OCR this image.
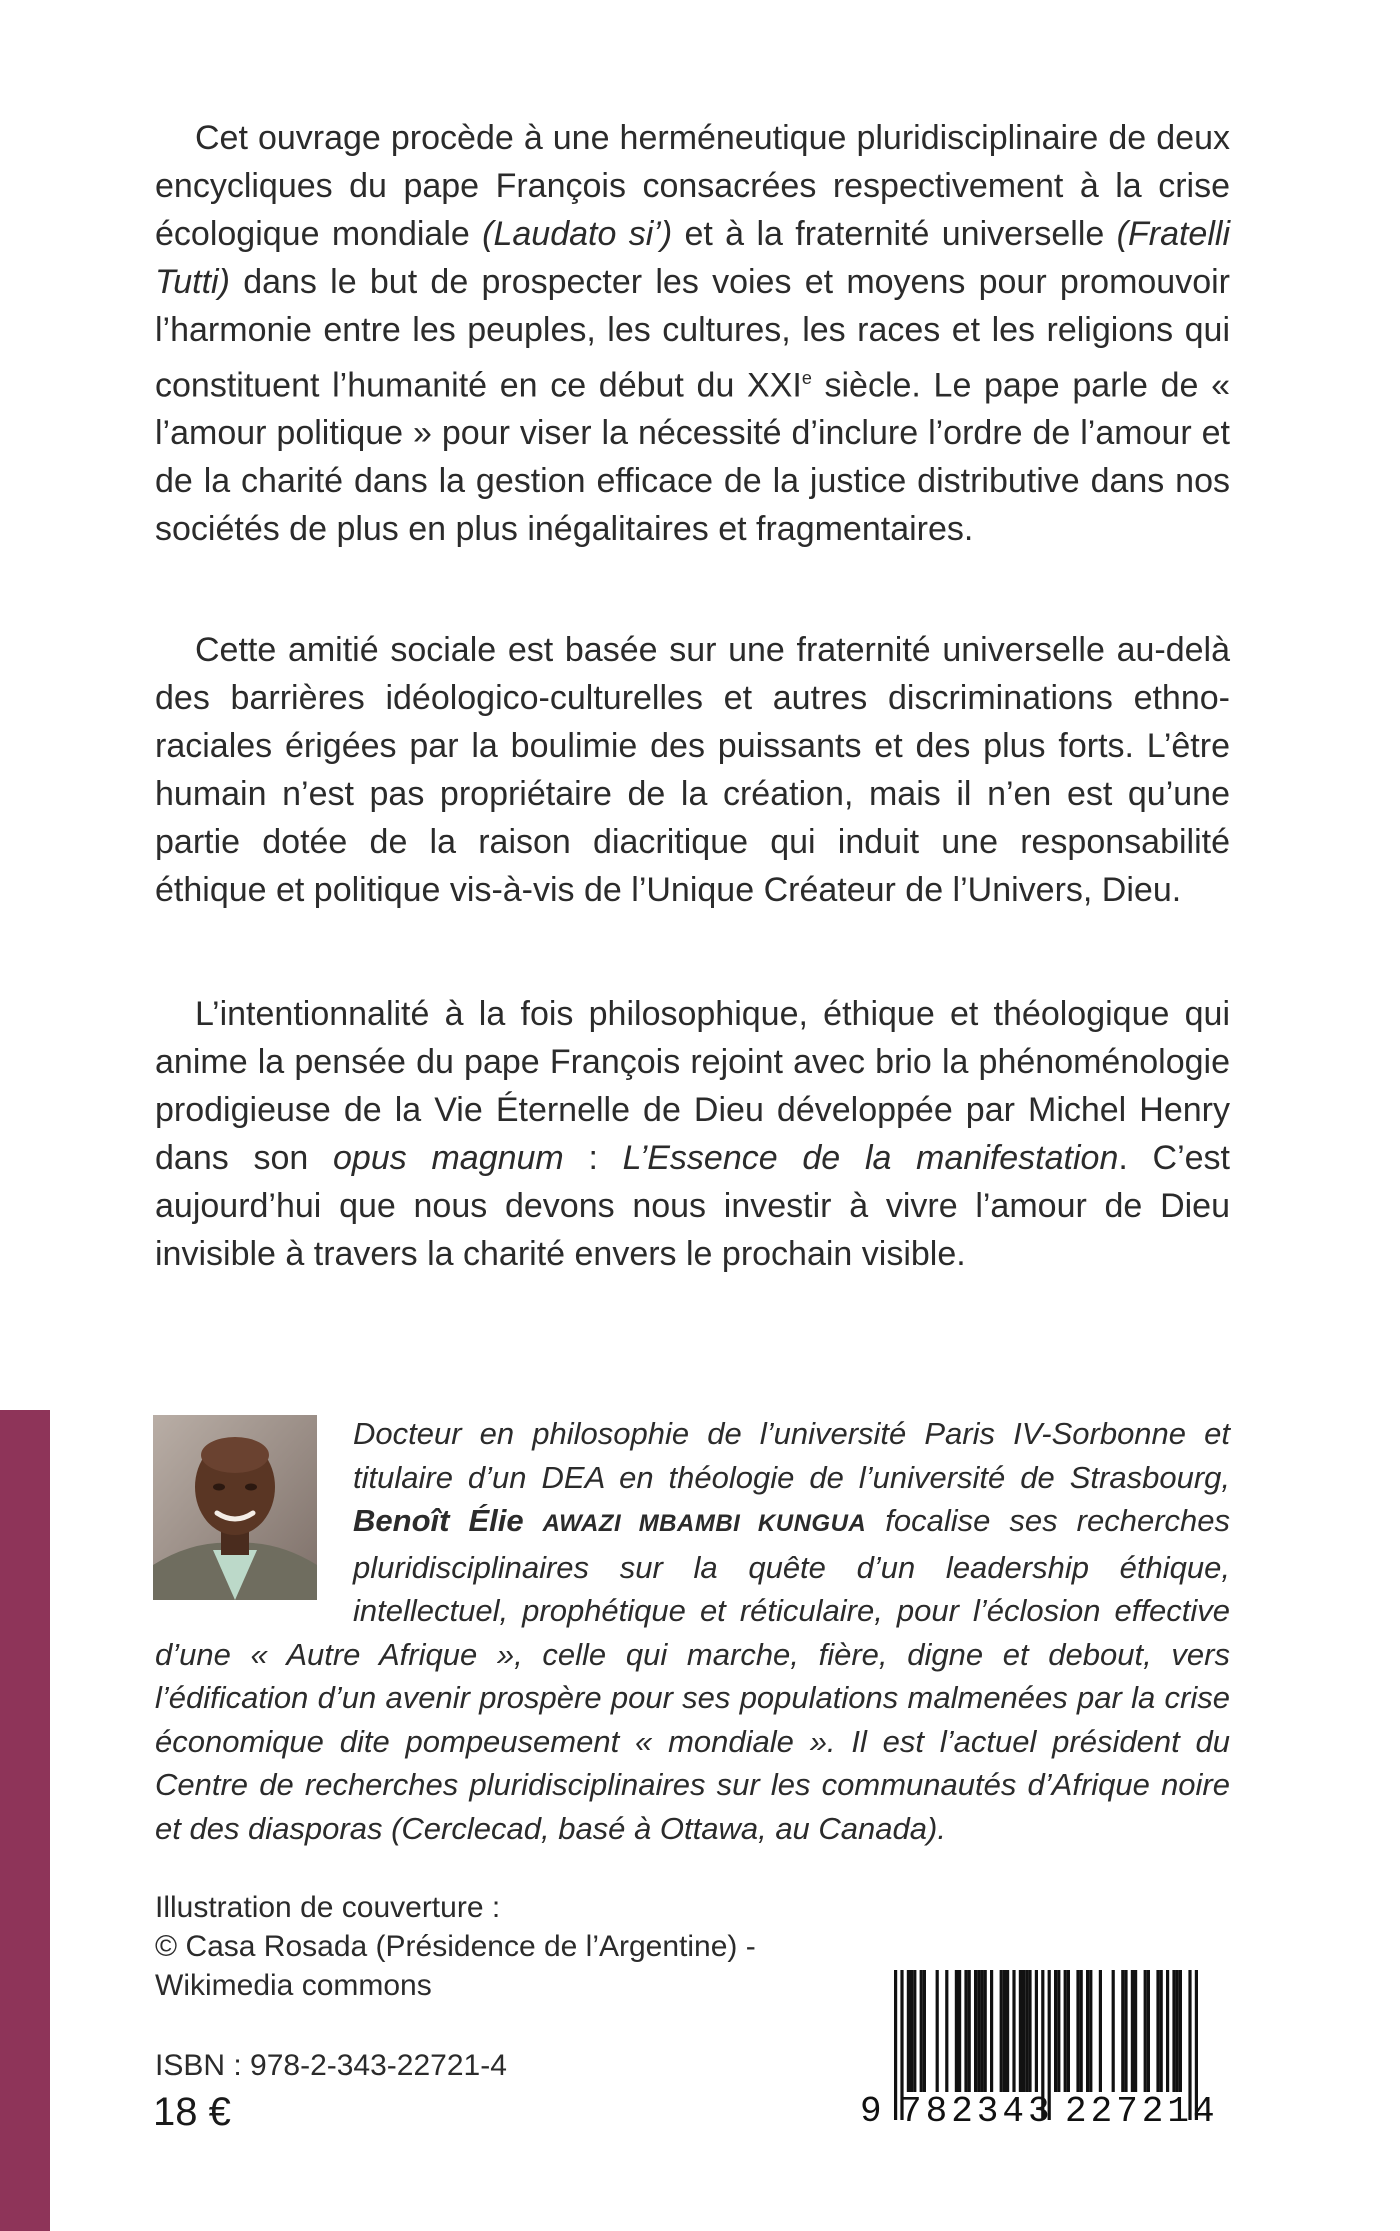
Cet ouvrage procède à une herméneutique pluridisciplinaire de deux encycliques du pape François consacrées respectivement à la crise écologique mondiale (Laudato si’) et à la fraternité universelle (Fratelli Tutti) dans le but de prospecter les voies et moyens pour promouvoir l’harmonie entre les peuples, les cultures, les races et les religions qui constituent l’humanité en ce début du XXIe siècle. Le pape parle de « l’amour politique » pour viser la nécessité d’inclure l’ordre de l’amour et de la charité dans la gestion efficace de la justice distributive dans nos sociétés de plus en plus inégalitaires et fragmentaires.

Cette amitié sociale est basée sur une fraternité universelle au-delà des barrières idéologico-culturelles et autres discriminations ethno-raciales érigées par la boulimie des puissants et des plus forts. L’être humain n’est pas propriétaire de la création, mais il n’en est qu’une partie dotée de la raison diacritique qui induit une responsabilité éthique et politique vis-à-vis de l’Unique Créateur de l’Univers, Dieu.

L’intentionnalité à la fois philosophique, éthique et théologique qui anime la pensée du pape François rejoint avec brio la phénoménologie prodigieuse de la Vie Éternelle de Dieu développée par Michel Henry dans son opus magnum : L’Essence de la manifestation. C’est aujourd’hui que nous devons nous investir à vivre l’amour de Dieu invisible à travers la charité envers le prochain visible.

Docteur en philosophie de l’université Paris IV-Sorbonne et titulaire d’un DEA en théologie de l’université de Strasbourg, Benoît Élie AWAZI MBAMBI KUNGUA focalise ses recherches pluridisciplinaires sur la quête d’un leadership éthique, intellectuel, prophétique et réticulaire, pour l’éclosion effective d’une « Autre Afrique », celle qui marche, fière, digne et debout, vers l’édification d’un avenir prospère pour ses populations malmenées par la crise économique dite pompeusement « mondiale ». Il est l’actuel président du Centre de recherches pluridisciplinaires sur les communautés d’Afrique noire et des diasporas (Cerclecad, basé à Ottawa, au Canada).

Illustration de couverture :
© Casa Rosada (Présidence de l’Argentine) -
Wikimedia commons
ISBN : 978-2-343-22721-4
18 €	9 782343 227214
